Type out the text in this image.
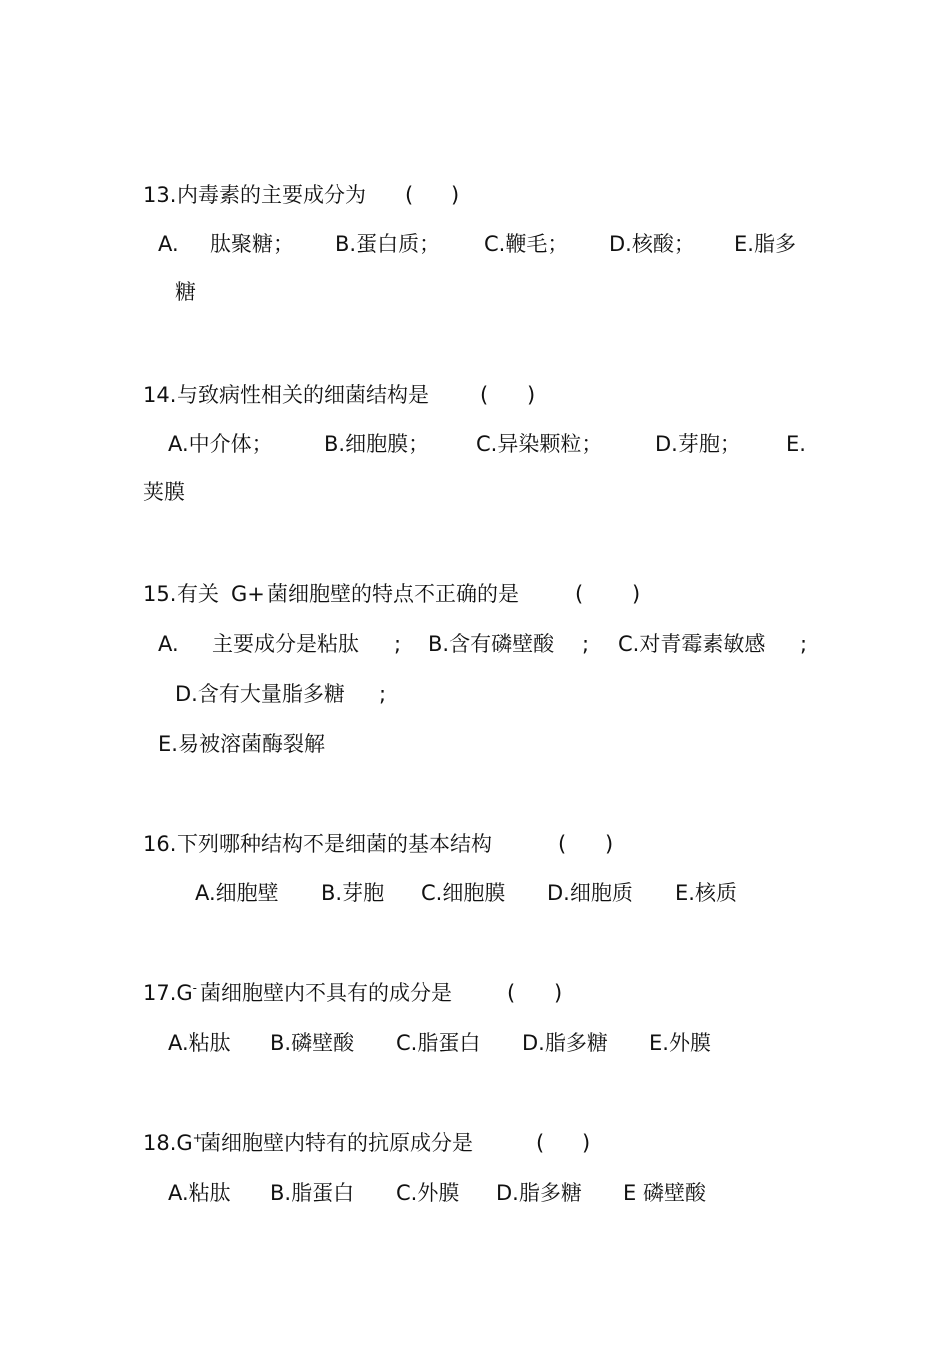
13. 内毒素的主要成分为 ( )
A. 肽聚糖； B.蛋白质； C.鞭毛； D.核酸； E.脂多
糖
14. 与致病性相关的细菌结构是 ( )
A.中介体； B.细胞膜； C.异染颗粒；	D.芽胞； E.
荚膜
15. 有关 G+ 菌细胞壁的特点不正确的是	( )
A. 主要成分是粘肽 ; B.含有磷壁酸 ; C.对青霉素敏感 ;
D.含有大量脂多糖 ;
E.易被溶菌酶裂解
16. 下列哪种结构不是细菌的基本结构	( )
A.细胞壁 B.芽胞 C.细胞膜 D.细胞质 E.核质
17.G- 菌细胞壁内不具有的成分是	( )
A.粘肽 B.磷壁酸 C.脂蛋白 D.脂多糖 E.外膜
18.G+
菌细胞壁内特有的抗原成分是	( )
A.粘肽 B.脂蛋白 C.外膜 D.脂多糖 E 磷壁酸
